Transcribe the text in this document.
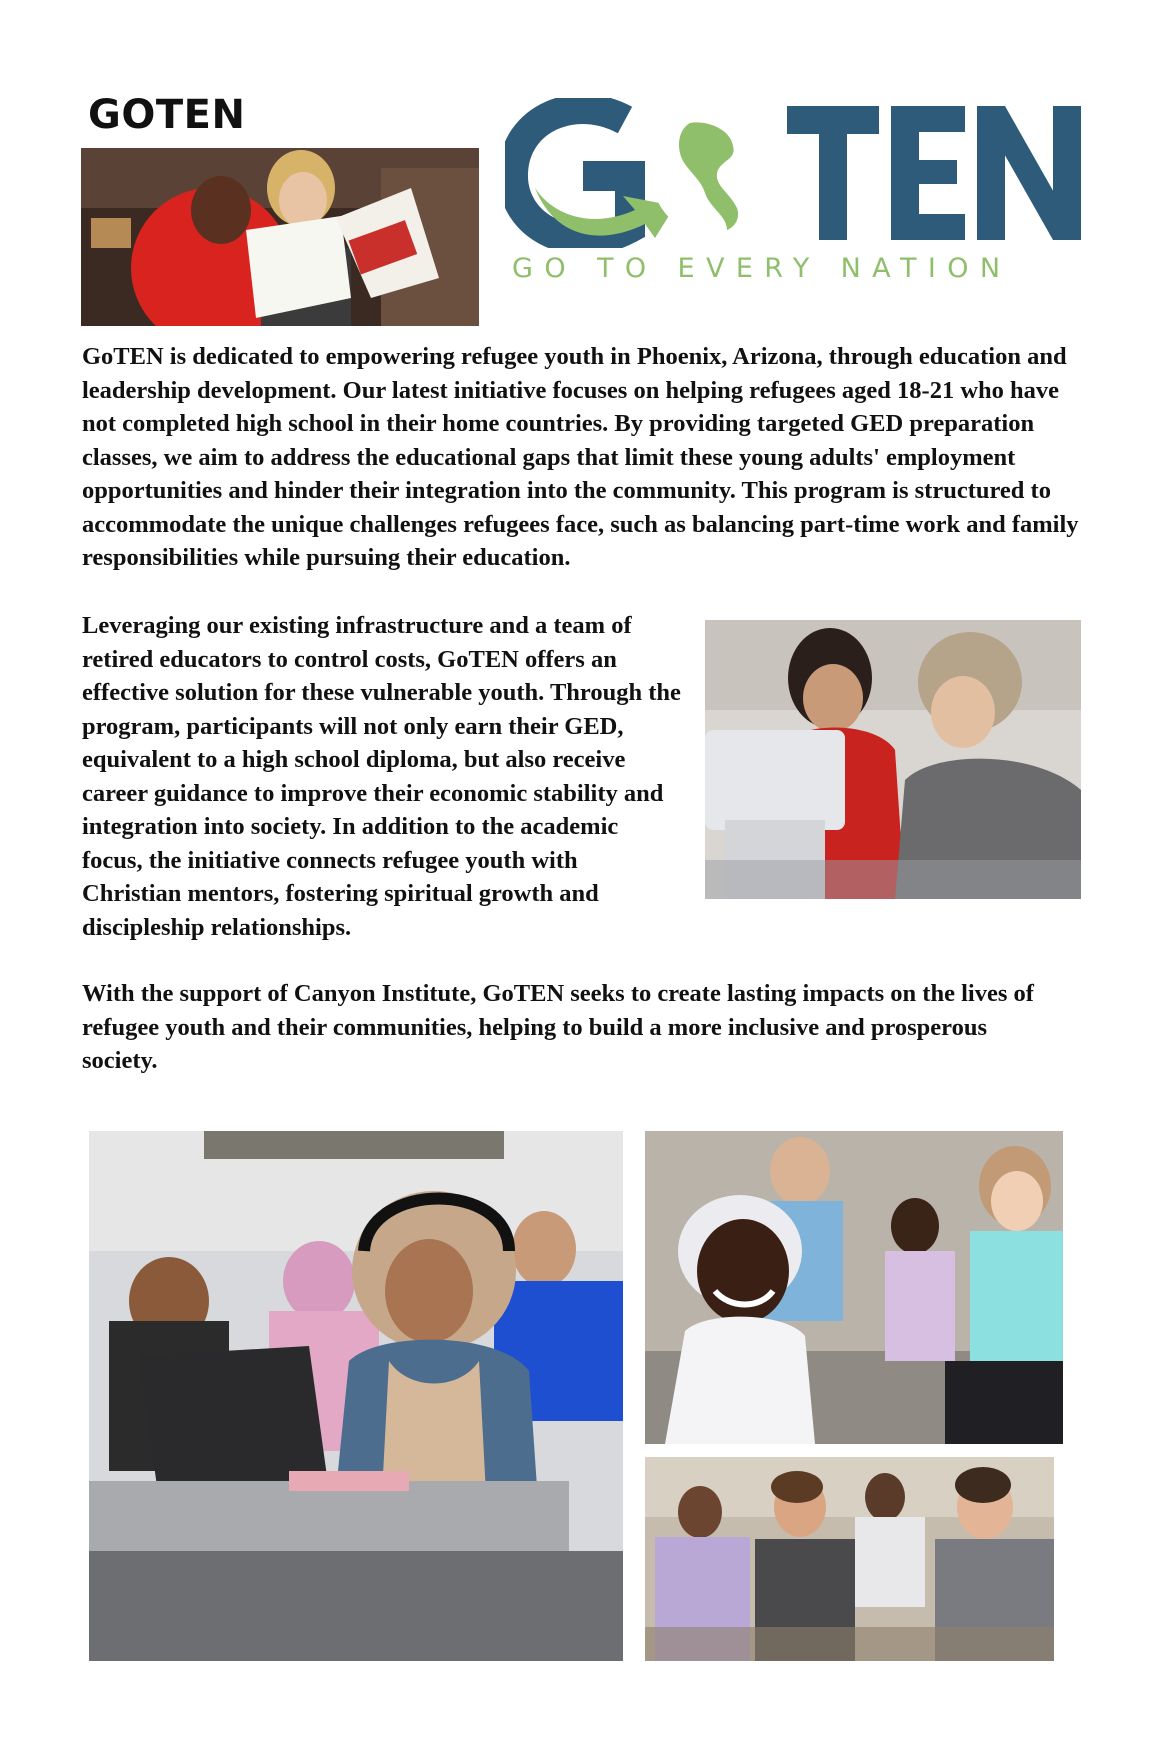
GOTEN
GO TO EVERY NATION

GoTEN is dedicated to empowering refugee youth in Phoenix, Arizona, through education and leadership development. Our latest initiative focuses on helping refugees aged 18-21 who have not completed high school in their home countries. By providing targeted GED preparation classes, we aim to address the educational gaps that limit these young adults' employment opportunities and hinder their integration into the community. This program is structured to accommodate the unique challenges refugees face, such as balancing part-time work and family responsibilities while pursuing their education.

Leveraging our existing infrastructure and a team of retired educators to control costs, GoTEN offers an effective solution for these vulnerable youth. Through the program, participants will not only earn their GED, equivalent to a high school diploma, but also receive career guidance to improve their economic stability and integration into society. In addition to the academic focus, the initiative connects refugee youth with Christian mentors, fostering spiritual growth and discipleship relationships.

With the support of Canyon Institute, GoTEN seeks to create lasting impacts on the lives of refugee youth and their communities, helping to build a more inclusive and prosperous society.
